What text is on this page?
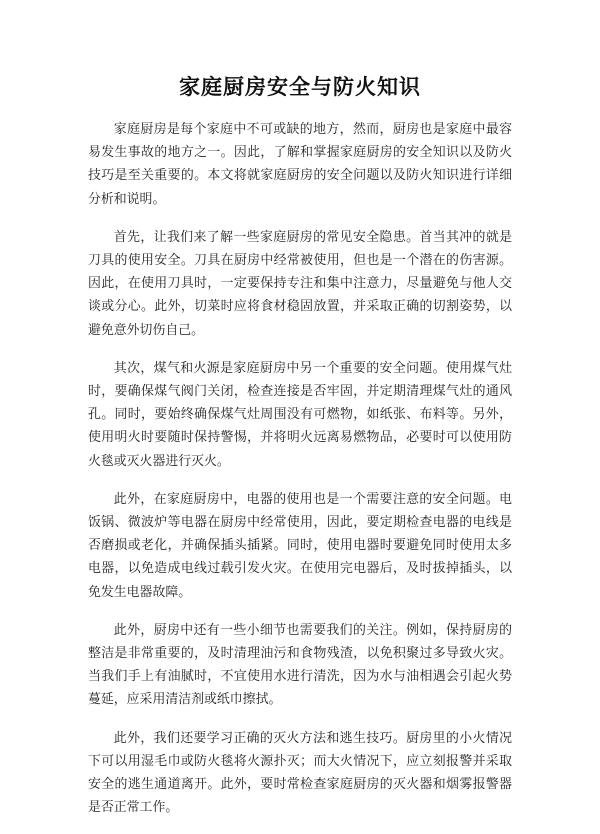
家庭厨房安全与防火知识

家庭厨房是每个家庭中不可或缺的地方，然而，厨房也是家庭中最容易发生事故的地方之一。因此，了解和掌握家庭厨房的安全知识以及防火技巧是至关重要的。本文将就家庭厨房的安全问题以及防火知识进行详细分析和说明。

首先，让我们来了解一些家庭厨房的常见安全隐患。首当其冲的就是刀具的使用安全。刀具在厨房中经常被使用，但也是一个潜在的伤害源。因此，在使用刀具时，一定要保持专注和集中注意力，尽量避免与他人交谈或分心。此外，切菜时应将食材稳固放置，并采取正确的切割姿势，以避免意外切伤自己。

其次，煤气和火源是家庭厨房中另一个重要的安全问题。使用煤气灶时，要确保煤气阀门关闭，检查连接是否牢固，并定期清理煤气灶的通风孔。同时，要始终确保煤气灶周围没有可燃物，如纸张、布料等。另外，使用明火时要随时保持警惕，并将明火远离易燃物品，必要时可以使用防火毯或灭火器进行灭火。

此外，在家庭厨房中，电器的使用也是一个需要注意的安全问题。电饭锅、微波炉等电器在厨房中经常使用，因此，要定期检查电器的电线是否磨损或老化，并确保插头插紧。同时，使用电器时要避免同时使用太多电器，以免造成电线过载引发火灾。在使用完电器后，及时拔掉插头，以免发生电器故障。

此外，厨房中还有一些小细节也需要我们的关注。例如，保持厨房的整洁是非常重要的，及时清理油污和食物残渣，以免积聚过多导致火灾。当我们手上有油腻时，不宜使用水进行清洗，因为水与油相遇会引起火势蔓延，应采用清洁剂或纸巾擦拭。

此外，我们还要学习正确的灭火方法和逃生技巧。厨房里的小火情况下可以用湿毛巾或防火毯将火源扑灭；而大火情况下，应立刻报警并采取安全的逃生通道离开。此外，要时常检查家庭厨房的灭火器和烟雾报警器是否正常工作。
